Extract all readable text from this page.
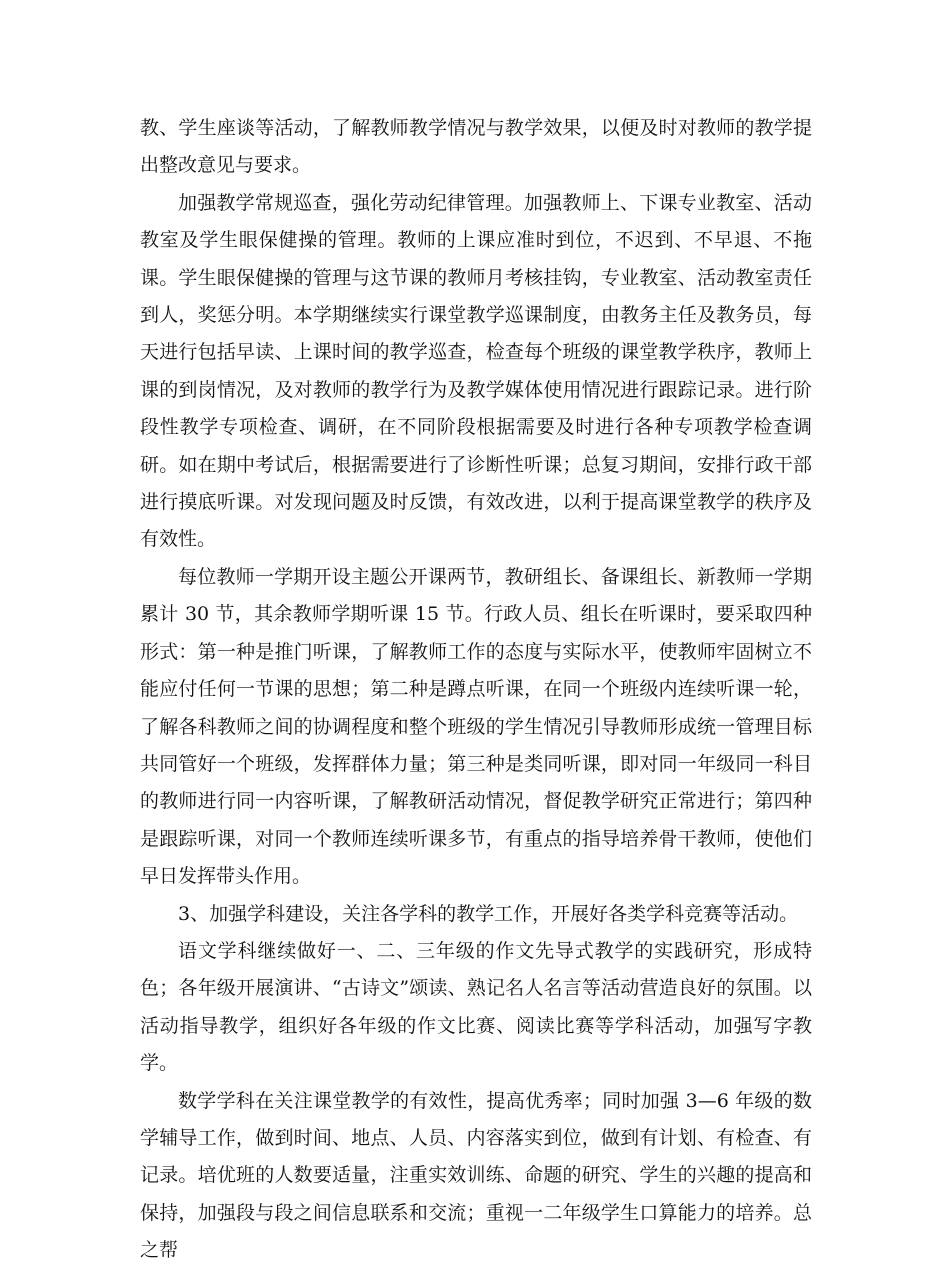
教、学生座谈等活动，了解教师教学情况与教学效果，以便及时对教师的教学提出整改意见与要求。

加强教学常规巡查，强化劳动纪律管理。加强教师上、下课专业教室、活动教室及学生眼保健操的管理。教师的上课应准时到位，不迟到、不早退、不拖课。学生眼保健操的管理与这节课的教师月考核挂钩，专业教室、活动教室责任到人，奖惩分明。本学期继续实行课堂教学巡课制度，由教务主任及教务员，每天进行包括早读、上课时间的教学巡查，检查每个班级的课堂教学秩序，教师上课的到岗情况，及对教师的教学行为及教学媒体使用情况进行跟踪记录。进行阶段性教学专项检查、调研，在不同阶段根据需要及时进行各种专项教学检查调研。如在期中考试后，根据需要进行了诊断性听课；总复习期间，安排行政干部进行摸底听课。对发现问题及时反馈，有效改进，以利于提高课堂教学的秩序及有效性。

每位教师一学期开设主题公开课两节，教研组长、备课组长、新教师一学期累计 30 节，其余教师学期听课 15 节。行政人员、组长在听课时，要采取四种形式：第一种是推门听课，了解教师工作的态度与实际水平，使教师牢固树立不能应付任何一节课的思想；第二种是蹲点听课，在同一个班级内连续听课一轮，了解各科教师之间的协调程度和整个班级的学生情况引导教师形成统一管理目标共同管好一个班级，发挥群体力量；第三种是类同听课，即对同一年级同一科目的教师进行同一内容听课，了解教研活动情况，督促教学研究正常进行；第四种是跟踪听课，对同一个教师连续听课多节，有重点的指导培养骨干教师，使他们早日发挥带头作用。

3、加强学科建设，关注各学科的教学工作，开展好各类学科竞赛等活动。

语文学科继续做好一、二、三年级的作文先导式教学的实践研究，形成特色；各年级开展演讲、“古诗文”颂读、熟记名人名言等活动营造良好的氛围。以活动指导教学，组织好各年级的作文比赛、阅读比赛等学科活动，加强写字教学。

数学学科在关注课堂教学的有效性，提高优秀率；同时加强 3—6 年级的数学辅导工作，做到时间、地点、人员、内容落实到位，做到有计划、有检查、有记录。培优班的人数要适量，注重实效训练、命题的研究、学生的兴趣的提高和保持，加强段与段之间信息联系和交流；重视一二年级学生口算能力的培养。总之帮
